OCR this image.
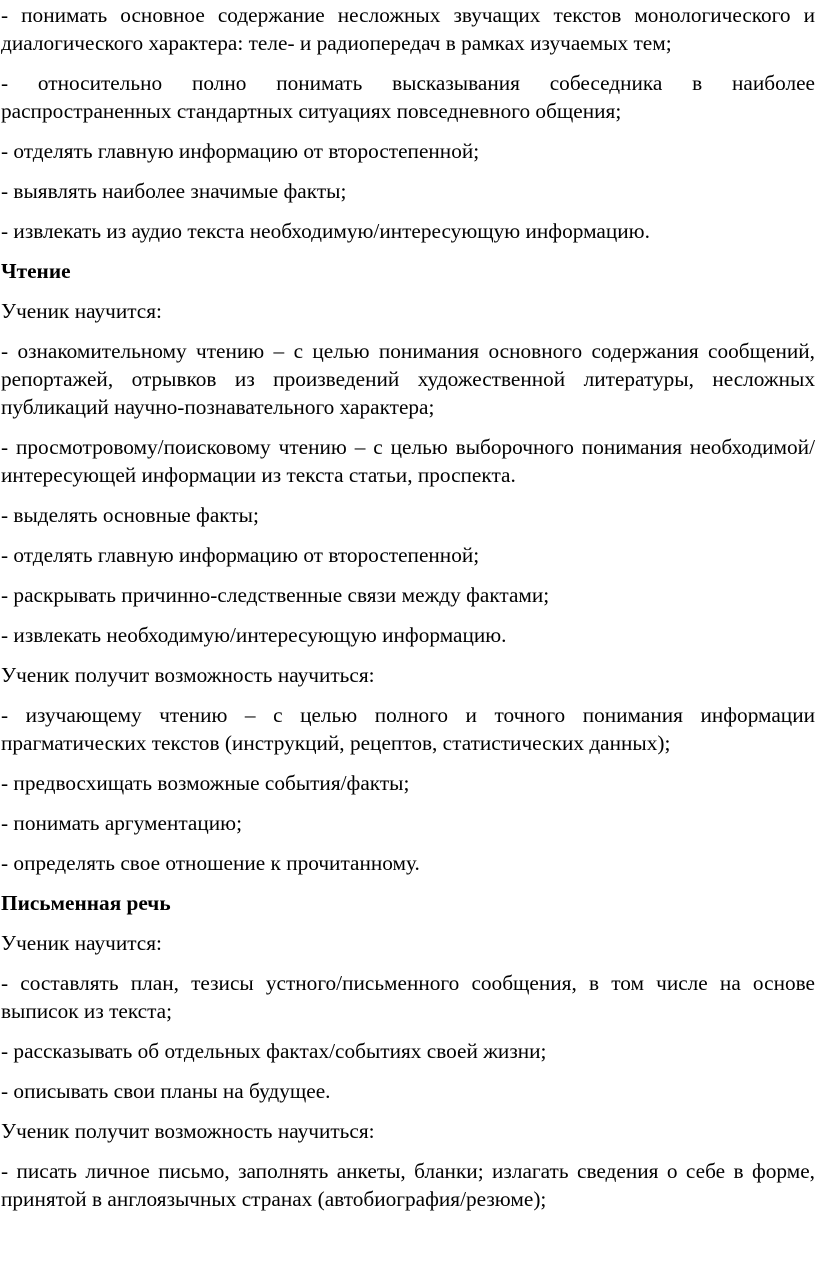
- понимать основное содержание несложных звучащих текстов монологического и диалогического характера: теле- и радиопередач в рамках изучаемых тем;

- относительно полно понимать высказывания собеседника в наиболее распространенных стандартных ситуациях повседневного общения;

- отделять главную информацию от второстепенной;

- выявлять наиболее значимые факты;

- извлекать из аудио текста необходимую/интересующую информацию.

Чтение

Ученик научится:

- ознакомительному чтению – с целью понимания основного содержания сообщений, репортажей, отрывков из произведений художественной литературы, несложных публикаций научно-познавательного характера;

- просмотровому/поисковому чтению – с целью выборочного понимания необходимой/интересующей информации из текста статьи, проспекта.

- выделять основные факты;

- отделять главную информацию от второстепенной;

- раскрывать причинно-следственные связи между фактами;

- извлекать необходимую/интересующую информацию.

Ученик получит возможность научиться:

- изучающему чтению – с целью полного и точного понимания информации прагматических текстов (инструкций, рецептов, статистических данных);

- предвосхищать возможные события/факты;

- понимать аргументацию;

- определять свое отношение к прочитанному.

Письменная речь

Ученик научится:

- составлять план, тезисы устного/письменного сообщения, в том числе на основе выписок из текста;

- рассказывать об отдельных фактах/событиях своей жизни;

- описывать свои планы на будущее.

Ученик получит возможность научиться:

- писать личное письмо, заполнять анкеты, бланки; излагать сведения о себе в форме, принятой в англоязычных странах (автобиография/резюме);
